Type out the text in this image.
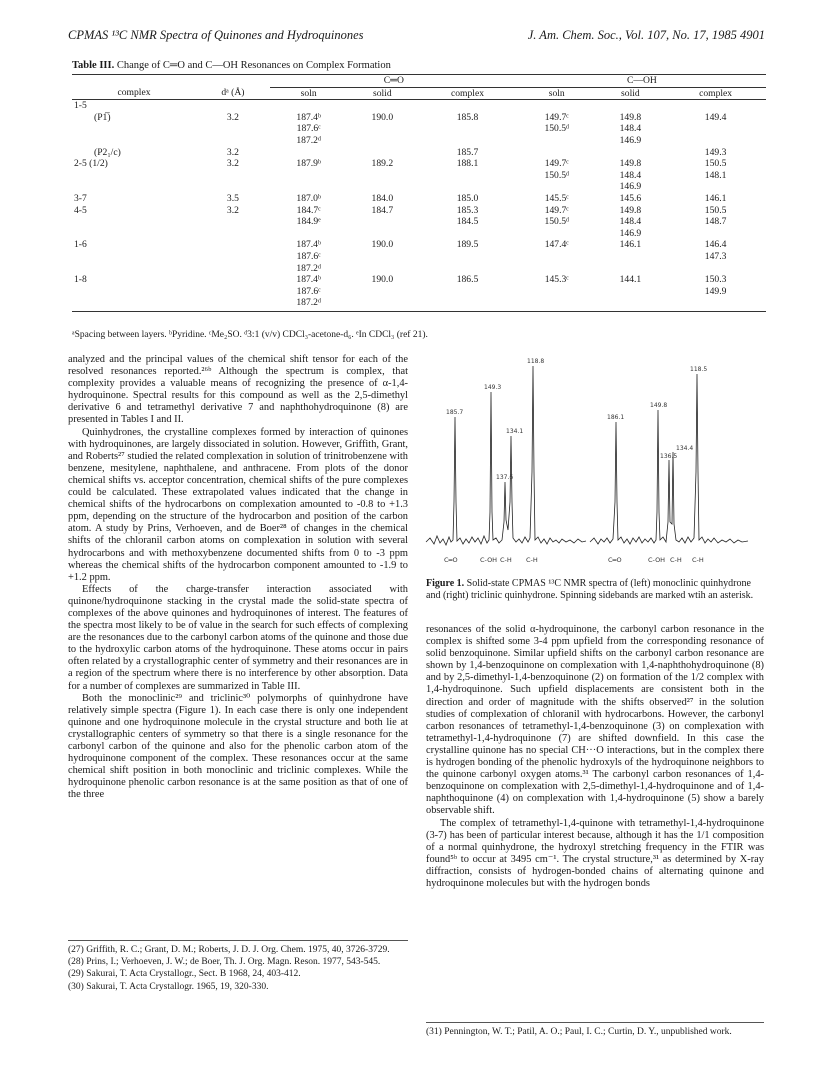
CPMAS ¹³C NMR Spectra of Quinones and Hydroquinones	J. Am. Chem. Soc., Vol. 107, No. 17, 1985 4901
Table III. Change of C═O and C—OH Resonances on Complex Formation
		C═O			C—OH		
complex	dᵃ (Å)	soln	solid	complex	soln	solid	complex
1-5							
(P1̅)	3.2	187.4ᵇ	190.0	185.8	149.7ᶜ	149.8	149.4
		187.6ᶜ			150.5ᵈ	148.4	
		187.2ᵈ				146.9	
(P2₁/c)	3.2			185.7			149.3
2-5 (1/2)	3.2	187.9ᵇ	189.2	188.1	149.7ᶜ	149.8	150.5
					150.5ᵈ	148.4	148.1
						146.9	
3-7	3.5	187.0ᵇ	184.0	185.0	145.5ᶜ	145.6	146.1
4-5	3.2	184.7ᶜ	184.7	185.3	149.7ᶜ	149.8	150.5
		184.9ᵉ		184.5	150.5ᵈ	148.4	148.7
						146.9	
1-6		187.4ᵇ	190.0	189.5	147.4ᶜ	146.1	146.4
		187.6ᶜ					147.3
		187.2ᵈ					
1-8		187.4ᵇ	190.0	186.5	145.3ᶜ	144.1	150.3
		187.6ᶜ					149.9
		187.2ᵈ					
ᵃSpacing between layers. ᵇPyridine. ᶜMe₂SO. ᵈ3:1 (v/v) CDCl₃-acetone-d₆. ᵉIn CDCl₃ (ref 21).

analyzed and the principal values of the chemical shift tensor for each of the resolved resonances reported.²⁶ᵇ Although the spectrum is complex, that complexity provides a valuable means of recognizing the presence of α-1,4-hydroquinone. Spectral results for this compound as well as the 2,5-dimethyl derivative 6 and tetramethyl derivative 7 and naphthohydroquinone (8) are presented in Tables I and II.

Quinhydrones, the crystalline complexes formed by interaction of quinones with hydroquinones, are largely dissociated in solution. However, Griffith, Grant, and Roberts²⁷ studied the related complexation in solution of trinitrobenzene with benzene, mesitylene, naphthalene, and anthracene. From plots of the donor chemical shifts vs. acceptor concentration, chemical shifts of the pure complexes could be calculated. These extrapolated values indicated that the change in chemical shifts of the hydrocarbons on complexation amounted to -0.8 to +1.3 ppm, depending on the structure of the hydrocarbon and position of the carbon atom. A study by Prins, Verhoeven, and de Boer²⁸ of changes in the chemical shifts of the chloranil carbon atoms on complexation in solution with several hydrocarbons and with methoxybenzene documented shifts from 0 to -3 ppm whereas the chemical shifts of the hydrocarbon component amounted to -1.9 to +1.2 ppm.

Effects of the charge-transfer interaction associated with quinone/hydroquinone stacking in the crystal made the solid-state spectra of complexes of the above quinones and hydroquinones of interest. The features of the spectra most likely to be of value in the search for such effects of complexing are the resonances due to the carbonyl carbon atoms of the quinone and those due to the hydroxylic carbon atoms of the hydroquinone. These atoms occur in pairs often related by a crystallographic center of symmetry and their resonances are in a region of the spectrum where there is no interference by other absorption. Data for a number of complexes are summarized in Table III.

Both the monoclinic²⁹ and triclinic³⁰ polymorphs of quinhydrone have relatively simple spectra (Figure 1). In each case there is only one independent quinone and one hydroquinone molecule in the crystal structure and both lie at crystallographic centers of symmetry so that there is a single resonance for the carbonyl carbon of the quinone and also for the phenolic carbon atom of the hydroquinone component of the complex. These resonances occur at the same chemical shift position in both monoclinic and triclinic complexes. While the hydroquinone phenolic carbon resonance is at the same position as that of one of the three

185.7
149.3
134.1
137.6
118.8
186.1
149.8
134.4
136.5
118.5
C═O	C-OH C-H C-H	C═O	C-OH C-H C-H
Figure 1. Solid-state CPMAS ¹³C NMR spectra of (left) monoclinic quinhydrone and (right) triclinic quinhydrone. Spinning sidebands are marked wtih an asterisk.

resonances of the solid α-hydroquinone, the carbonyl carbon resonance in the complex is shifted some 3-4 ppm upfield from the corresponding resonance of solid benzoquinone. Similar upfield shifts on the carbonyl carbon resonance are shown by 1,4-benzoquinone on complexation with 1,4-naphthohydroquinone (8) and by 2,5-dimethyl-1,4-benzoquinone (2) on formation of the 1/2 complex with 1,4-hydroquinone. Such upfield displacements are consistent both in the direction and order of magnitude with the shifts observed²⁷ in the solution studies of complexation of chloranil with hydrocarbons. However, the carbonyl carbon resonances of tetramethyl-1,4-benzoquinone (3) on complexation with tetramethyl-1,4-hydroquinone (7) are shifted downfield. In this case the crystalline quinone has no special CH···O interactions, but in the complex there is hydrogen bonding of the phenolic hydroxyls of the hydroquinone neighbors to the quinone carbonyl oxygen atoms.³¹ The carbonyl carbon resonances of 1,4-benzoquinone on complexation with 2,5-dimethyl-1,4-hydroquinone and of 1,4-naphthoquinone (4) on complexation with 1,4-hydroquinone (5) show a barely observable shift.

The complex of tetramethyl-1,4-quinone with tetramethyl-1,4-hydroquinone (3-7) has been of particular interest because, although it has the 1/1 composition of a normal quinhydrone, the hydroxyl stretching frequency in the FTIR was found⁵ᵇ to occur at 3495 cm⁻¹. The crystal structure,³¹ as determined by X-ray diffraction, consists of hydrogen-bonded chains of alternating quinone and hydroquinone molecules but with the hydrogen bonds

(27) Griffith, R. C.; Grant, D. M.; Roberts, J. D. J. Org. Chem. 1975, 40, 3726-3729.

(28) Prins, I.; Verhoeven, J. W.; de Boer, Th. J. Org. Magn. Reson. 1977, 543-545.

(29) Sakurai, T. Acta Crystallogr., Sect. B 1968, 24, 403-412.

(30) Sakurai, T. Acta Crystallogr. 1965, 19, 320-330.

(31) Pennington, W. T.; Patil, A. O.; Paul, I. C.; Curtin, D. Y., unpublished work.
